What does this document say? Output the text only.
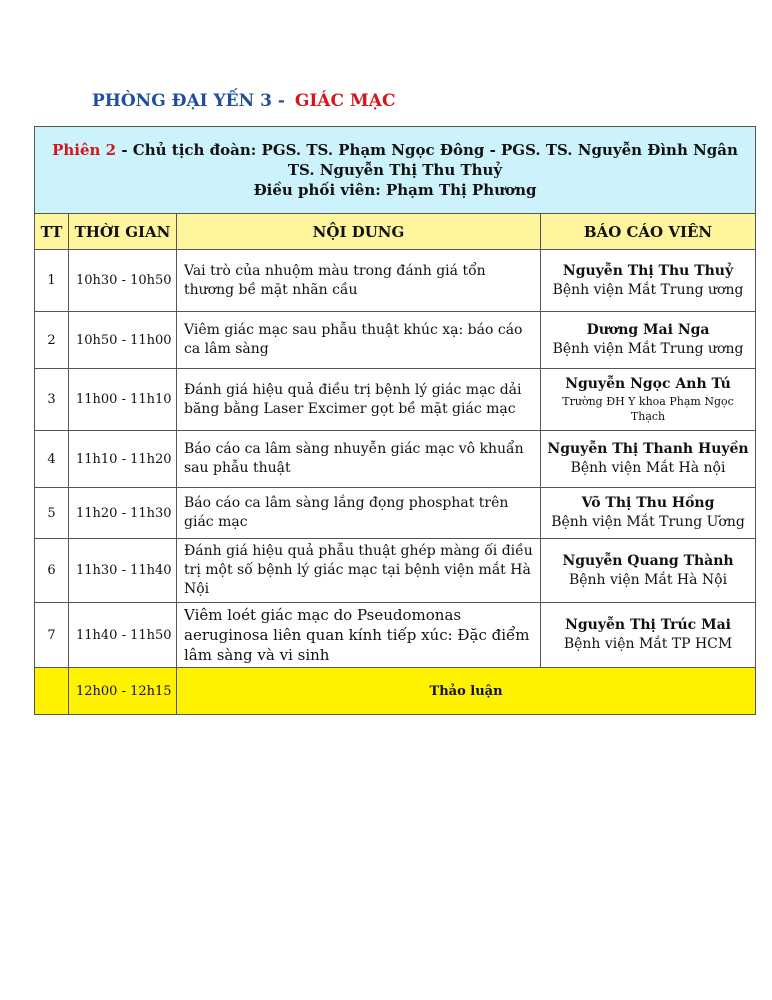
PHÒNG ĐẠI YẾN 3 - GIÁC MẠC
Phiên 2 - Chủ tịch đoàn: PGS. TS. Phạm Ngọc Đông - PGS. TS. Nguyễn Đình Ngân
TS. Nguyễn Thị Thu Thuỷ
Điều phối viên: Phạm Thị Phương			

TT	THỜI GIAN	NỘI DUNG	BÁO CÁO VIÊN
1	10h30 - 10h50	Vai trò của nhuộm màu trong đánh giá tổn thương bề mặt nhãn cầu	Nguyễn Thị Thu Thuỷ
Bệnh viện Mắt Trung ương

2	10h50 - 11h00	Viêm giác mạc sau phẫu thuật khúc xạ: báo cáo ca lâm sàng	Dương Mai Nga
Bệnh viện Mắt Trung ương

3	11h00 - 11h10	Đánh giá hiệu quả điều trị bệnh lý giác mạc dải băng bằng Laser Excimer gọt bề mặt giác mạc	Nguyễn Ngọc Anh Tú
Trường ĐH Y khoa Phạm Ngọc Thạch

4	11h10 - 11h20	Báo cáo ca lâm sàng nhuyễn giác mạc vô khuẩn sau phẫu thuật	Nguyễn Thị Thanh Huyền
Bệnh viện Mắt Hà nội

5	11h20 - 11h30	Báo cáo ca lâm sàng lắng đọng phosphat trên giác mạc	Võ Thị Thu Hồng
Bệnh viện Mắt Trung Ương

6	11h30 - 11h40	Đánh giá hiệu quả phẫu thuật ghép màng ối điều trị một số bệnh lý giác mạc tại bệnh viện mắt Hà Nội	Nguyễn Quang Thành
Bệnh viện Mắt Hà Nội

7	11h40 - 11h50	Viêm loét giác mạc do Pseudomonas aeruginosa liên quan kính tiếp xúc: Đặc điểm lâm sàng và vi sinh	Nguyễn Thị Trúc Mai
Bệnh viện Mắt TP HCM

	12h00 - 12h15	Thảo luận	
